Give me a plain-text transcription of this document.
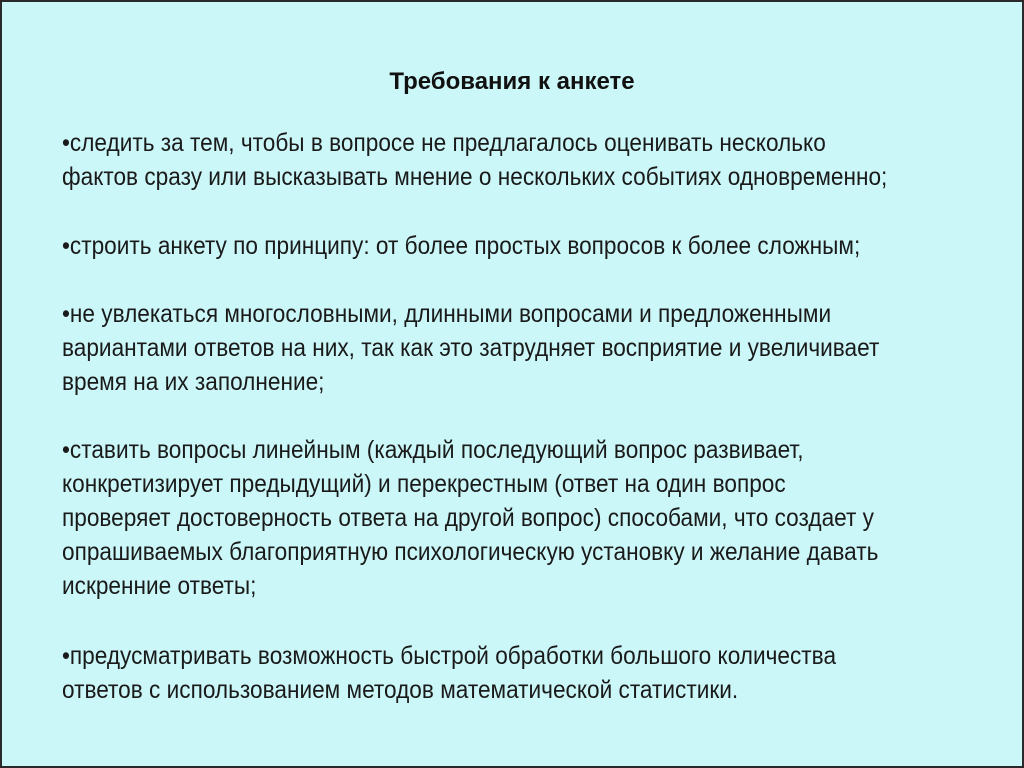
Требования к анкете
•следить за тем, чтобы в вопросе не предлагалось оценивать несколько
фактов сразу или высказывать мнение о нескольких событиях одновременно;
•строить анкету по принципу: от более простых вопросов к более сложным;
•не увлекаться многословными, длинными вопросами и предложенными
вариантами ответов на них, так как это затрудняет восприятие и увеличивает
время на их заполнение;
•ставить вопросы линейным (каждый последующий вопрос развивает,
конкретизирует предыдущий) и перекрестным (ответ на один вопрос
проверяет достоверность ответа на другой вопрос) способами, что создает у
опрашиваемых благоприятную психологическую установку и желание давать
искренние ответы;
•предусматривать возможность быстрой обработки большого количества
ответов с использованием методов математической статистики.
